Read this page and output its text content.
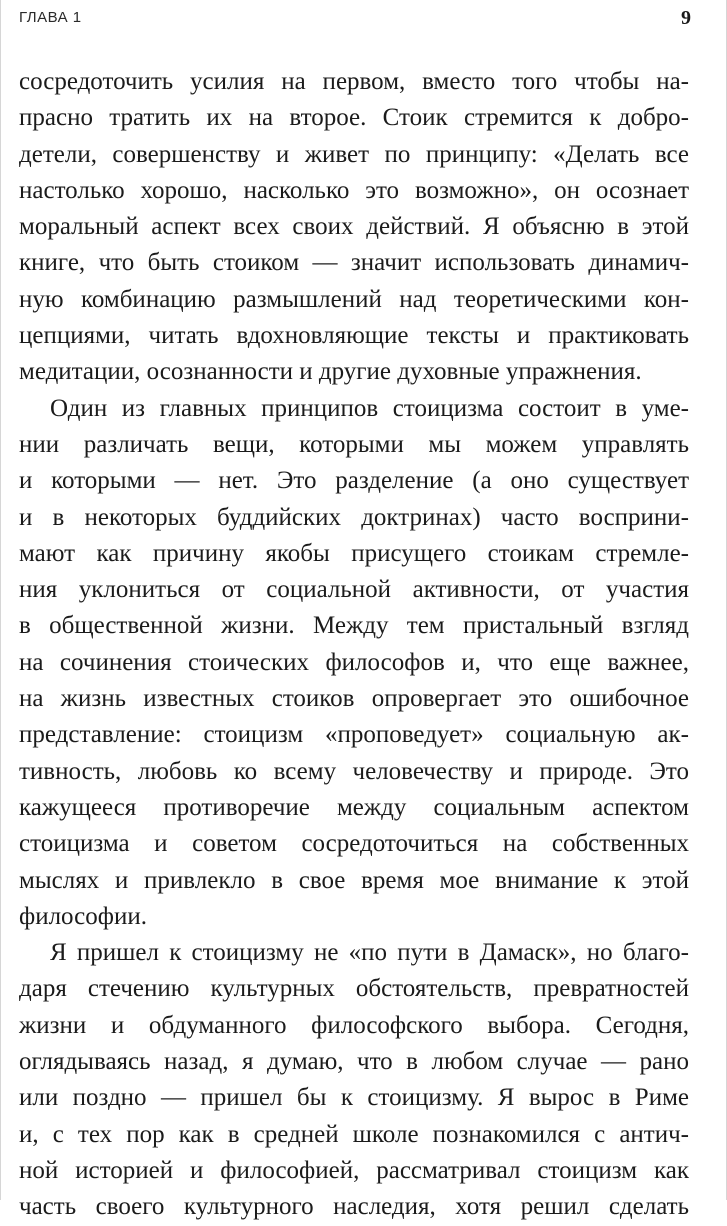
ГЛАВА 1	9
сосредоточить усилия на первом, вместо того чтобы на-
прасно тратить их на второе. Стоик стремится к добро-
детели, совершенству и живет по принципу: «Делать все
настолько хорошо, насколько это возможно», он осознает
моральный аспект всех своих действий. Я объясню в этой
книге, что быть стоиком — значит использовать динамич-
ную комбинацию размышлений над теоретическими кон-
цепциями, читать вдохновляющие тексты и практиковать
медитации, осознанности и другие духовные упражнения.
Один из главных принципов стоицизма состоит в уме-
нии различать вещи, которыми мы можем управлять
и которыми — нет. Это разделение (а оно существует
и в некоторых буддийских доктринах) часто восприни-
мают как причину якобы присущего стоикам стремле-
ния уклониться от социальной активности, от участия
в общественной жизни. Между тем пристальный взгляд
на сочинения стоических философов и, что еще важнее,
на жизнь известных стоиков опровергает это ошибочное
представление: стоицизм «проповедует» социальную ак-
тивность, любовь ко всему человечеству и природе. Это
кажущееся противоречие между социальным аспектом
стоицизма и советом сосредоточиться на собственных
мыслях и привлекло в свое время мое внимание к этой
философии.
Я пришел к стоицизму не «по пути в Дамаск», но благо-
даря стечению культурных обстоятельств, превратностей
жизни и обдуманного философского выбора. Сегодня,
оглядываясь назад, я думаю, что в любом случае — рано
или поздно — пришел бы к стоицизму. Я вырос в Риме
и, с тех пор как в средней школе познакомился с антич-
ной историей и философией, рассматривал стоицизм как
часть своего культурного наследия, хотя решил сделать
